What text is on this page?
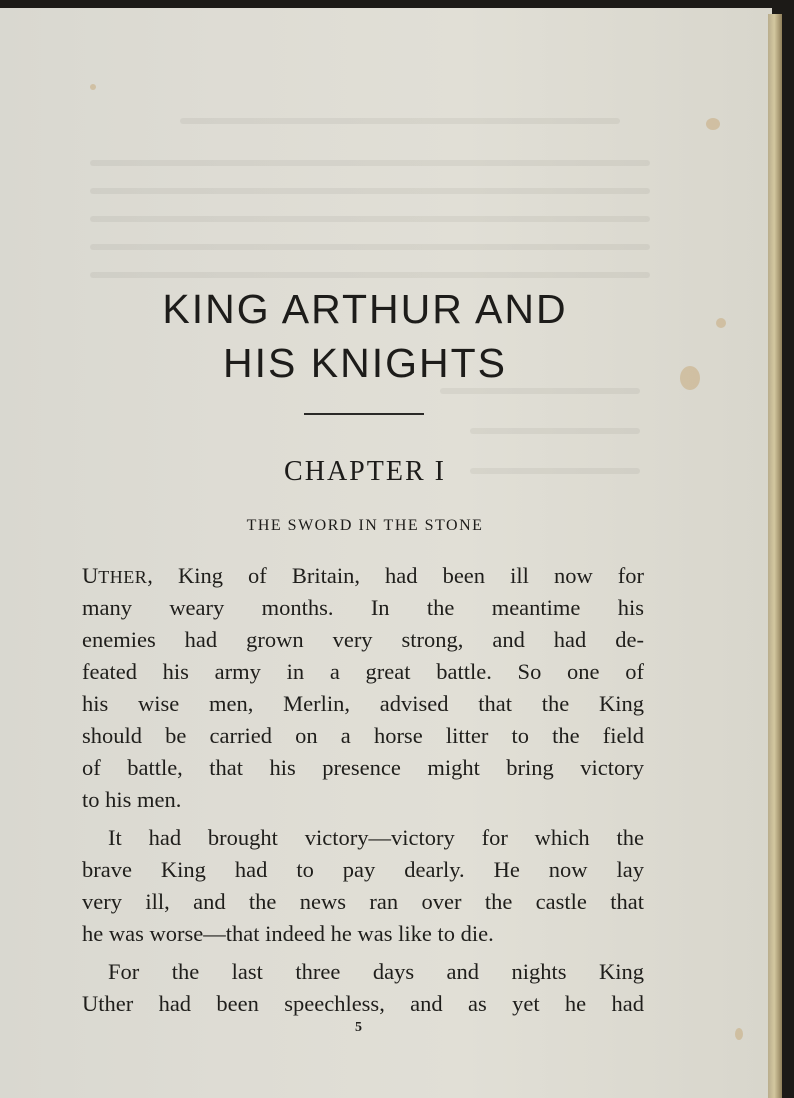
KING ARTHUR AND
HIS KNIGHTS
CHAPTER I
THE SWORD IN THE STONE
UTHER, King of Britain, had been ill now for
many weary months. In the meantime his
enemies had grown very strong, and had de-
feated his army in a great battle. So one of
his wise men, Merlin, advised that the King
should be carried on a horse litter to the field
of battle, that his presence might bring victory
to his men.
It had brought victory—victory for which the
brave King had to pay dearly. He now lay
very ill, and the news ran over the castle that
he was worse—that indeed he was like to die.
For the last three days and nights King
Uther had been speechless, and as yet he had
5
